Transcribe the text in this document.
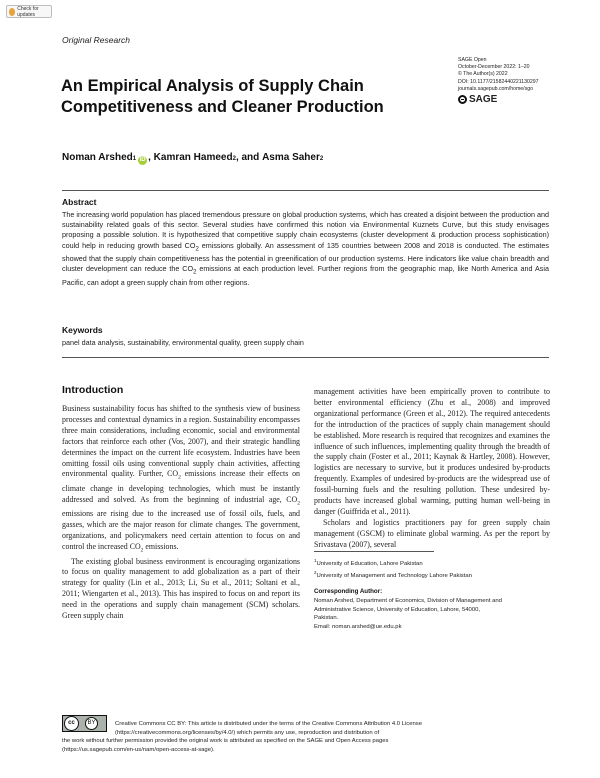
Check for updates
Original Research
An Empirical Analysis of Supply Chain Competitiveness and Cleaner Production
SAGE Open
October-December 2022: 1–20
© The Author(s) 2022
DOI: 10.1177/21582440221130297
journals.sagepub.com/home/sgo
SAGE
Noman Arshed 1 iD , Kamran Hameed 2 , and Asma Saher 2
Abstract
The increasing world population has placed tremendous pressure on global production systems, which has created a disjoint between the production and sustainability related goals of this sector. Several studies have confirmed this notion via Environmental Kuznets Curve, but this study envisages proposing a possible solution. It is hypothesized that competitive supply chain ecosystems (cluster development & production process sophistication) could help in reducing growth based $CO_2$ emissions globally. An assessment of 135 countries between 2008 and 2018 is conducted. The estimates showed that the supply chain competitiveness has the potential in greenification of our production systems. Here indicators like value chain breadth and cluster development can reduce the $CO_2$ emissions at each production level. Further regions from the geographic map, like North America and Asia Pacific, can adopt a green supply chain from other regions.
Keywords
panel data analysis, sustainability, environmental quality, green supply chain
Introduction

Business sustainability focus has shifted to the synthesis view of business processes and contextual dynamics in a region. Sustainability encompasses three main considerations, including economic, social and environmental factors that reinforce each other (Vos, 2007), and their strategic handling determines the impact on the current life ecosystem. Industries have been omitting fossil oils using conventional supply chain activities, affecting environmental quality. Further, $CO_2$ emissions increase their effects on climate change in developing technologies, which must be instantly addressed and solved. As from the beginning of industrial age, $CO_2$ emissions are rising due to the increased use of fossil oils, fuels, and gasses, which are the major reason for climate changes. The government, organizations, and policymakers need certain attention to focus on and control the increased $CO_2$ emissions.

The existing global business environment is encouraging organizations to focus on quality management to add globalization as a part of their strategy for quality (Lin et al., 2013; Li, Su et al., 2011; Soltani et al., 2011; Wiengarten et al., 2013). This has inspired to focus on and report its need in the operations and supply chain management (SCM) scholars. Green supply chain

management activities have been empirically proven to contribute to better environmental efficiency (Zhu et al., 2008) and improved organizational performance (Green et al., 2012). The required antecedents for the introduction of the practices of supply chain management should be established. More research is required that recognizes and examines the influence of such influences, implementing quality through the breadth of the supply chain (Foster et al., 2011; Kaynak & Hartley, 2008). However, logistics are necessary to survive, but it produces undesired by-products frequently. Examples of undesired by-products are the widespread use of fossil-burning fuels and the resulting pollution. These undesired by-products have increased global warming, putting human well-being in danger (Guiffrida et al., 2011).

Scholars and logistics practitioners pay for green supply chain management (GSCM) to eliminate global warming. As per the report by Srivastava (2007), several

$^1$University of Education, Lahore Pakistan
$^2$University of Management and Technology Lahore Pakistan
Corresponding Author:
Noman Arshed, Department of Economics, Division of Management and
Administrative Science, University of Education, Lahore, 54000,
Pakistan.
Email: noman.arshed@ue.edu.pk
cc	BY	Creative Commons CC BY: This article is distributed under the terms of the Creative Commons Attribution 4.0 License
(https://creativecommons.org/licenses/by/4.0/) which permits any use, reproduction and distribution of
the work without further permission provided the original work is attributed as specified on the SAGE and Open Access pages
(https://us.sagepub.com/en-us/nam/open-access-at-sage).
